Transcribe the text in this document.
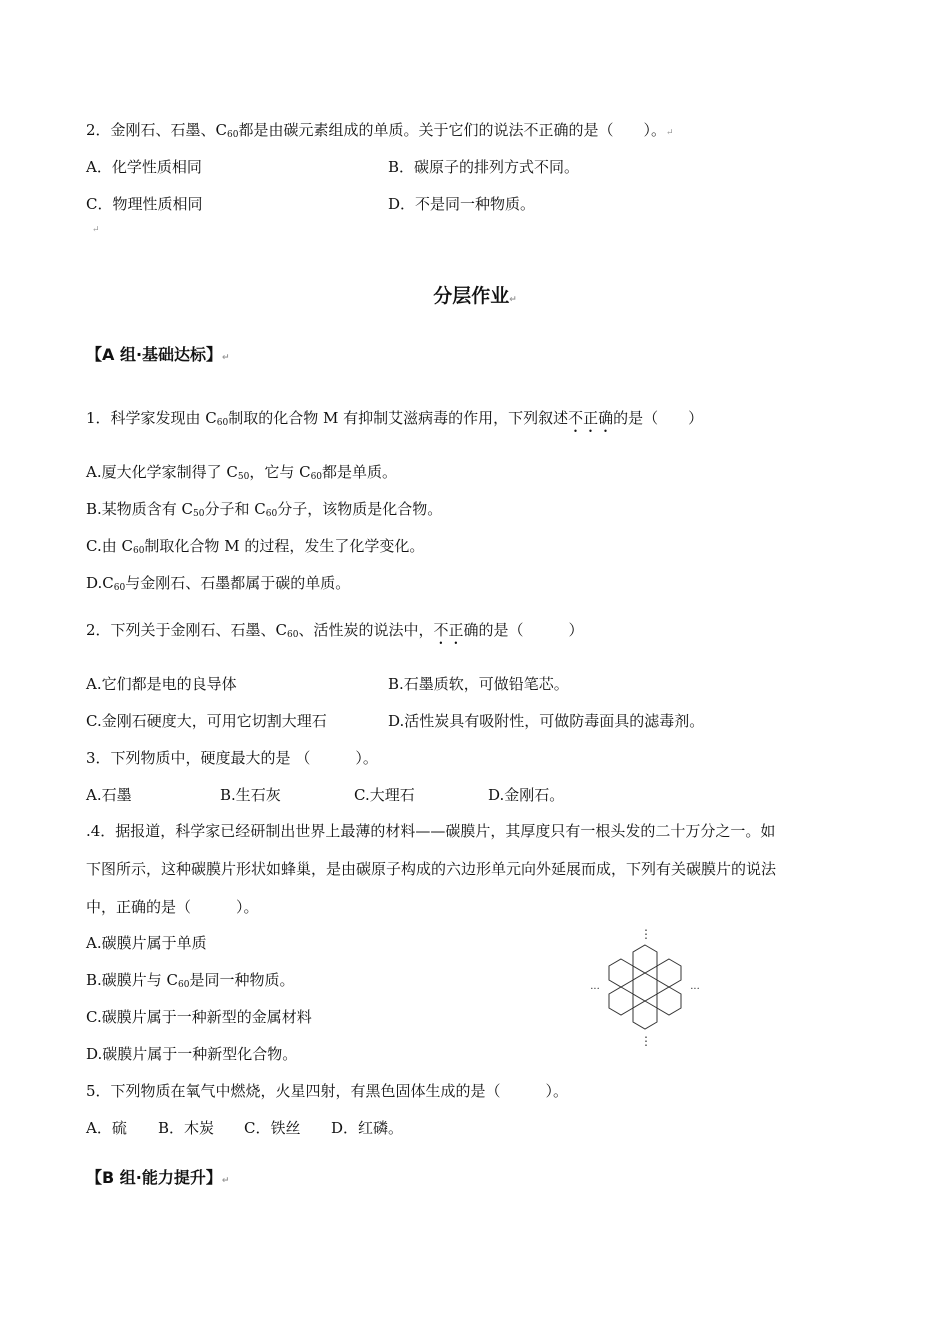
2．金刚石、石墨、$C_{60}$都是由碳元素组成的单质。关于它们的说法不正确的是（　　）。↵
A．化学性质相同	B．碳原子的排列方式不同。
C．物理性质相同	D．不是同一种物质。
↵
分层作业↵
【A 组·基础达标】↵
1．科学家发现由 $C_{60}$制取的化合物 M 有抑制艾滋病毒的作用，下列叙述不正确的是（　　）
A.厦大化学家制得了 $C_{50}$，它与 $C_{60}$都是单质。
B.某物质含有 $C_{50}$分子和 $C_{60}$分子，该物质是化合物。
C.由 $C_{60}$制取化合物 M 的过程，发生了化学变化。
$D.C_{60}$与金刚石、石墨都属于碳的单质。
2．下列关于金刚石、石墨、$C_{60}$、活性炭的说法中，不正确的是（　　　）
A.它们都是电的良导体	B.石墨质软，可做铅笔芯。
C.金刚石硬度大，可用它切割大理石	D.活性炭具有吸附性，可做防毒面具的滤毒剂。
3．下列物质中，硬度最大的是 （　　　）。
A.石墨	B.生石灰	C.大理石	D.金刚石。
.4．据报道，科学家已经研制出世界上最薄的材料——碳膜片，其厚度只有一根头发的二十万分之一。如
下图所示，这种碳膜片形状如蜂巢，是由碳原子构成的六边形单元向外延展而成，下列有关碳膜片的说法
中，正确的是（　　　）。
A.碳膜片属于单质
B.碳膜片与 $C_{60}$是同一种物质。
C.碳膜片属于一种新型的金属材料
D.碳膜片属于一种新型化合物。
⋮
⋮
···	···
5．下列物质在氧气中燃烧，火星四射，有黑色固体生成的是（　　　）。
A．硫 B．木炭 C．铁丝 D．红磷。
【B 组·能力提升】↵
